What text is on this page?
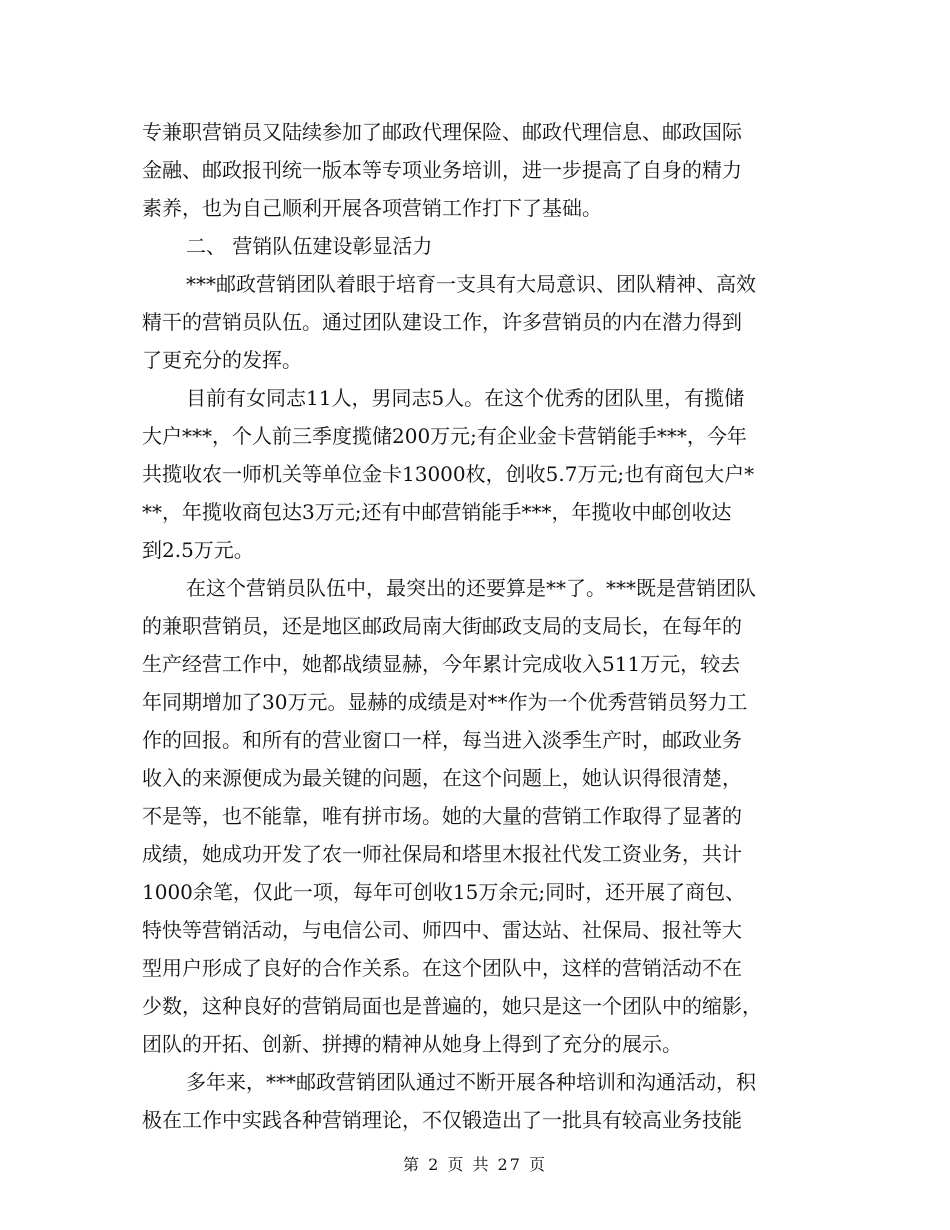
专兼职营销员又陆续参加了邮政代理保险、邮政代理信息、邮政国际
金融、邮政报刊统一版本等专项业务培训，进一步提高了自身的精力
素养，也为自己顺利开展各项营销工作打下了基础。
二、 营销队伍建设彰显活力
***邮政营销团队着眼于培育一支具有大局意识、团队精神、高效
精干的营销员队伍。通过团队建设工作，许多营销员的内在潜力得到
了更充分的发挥。
目前有女同志11人，男同志5人。在这个优秀的团队里，有揽储
大户***，个人前三季度揽储200万元;有企业金卡营销能手***，今年
共揽收农一师机关等单位金卡13000枚，创收5.7万元;也有商包大户*
**，年揽收商包达3万元;还有中邮营销能手***，年揽收中邮创收达
到2.5万元。
在这个营销员队伍中，最突出的还要算是**了。***既是营销团队
的兼职营销员，还是地区邮政局南大街邮政支局的支局长，在每年的
生产经营工作中，她都战绩显赫，今年累计完成收入511万元，较去
年同期增加了30万元。显赫的成绩是对**作为一个优秀营销员努力工
作的回报。和所有的营业窗口一样，每当进入淡季生产时，邮政业务
收入的来源便成为最关键的问题，在这个问题上，她认识得很清楚，
不是等，也不能靠，唯有拼市场。她的大量的营销工作取得了显著的
成绩，她成功开发了农一师社保局和塔里木报社代发工资业务，共计
1000余笔，仅此一项，每年可创收15万余元;同时，还开展了商包、
特快等营销活动，与电信公司、师四中、雷达站、社保局、报社等大
型用户形成了良好的合作关系。在这个团队中，这样的营销活动不在
少数，这种良好的营销局面也是普遍的，她只是这一个团队中的缩影，
团队的开拓、创新、拼搏的精神从她身上得到了充分的展示。
多年来，***邮政营销团队通过不断开展各种培训和沟通活动，积
极在工作中实践各种营销理论，不仅锻造出了一批具有较高业务技能
第 2 页 共 27 页
